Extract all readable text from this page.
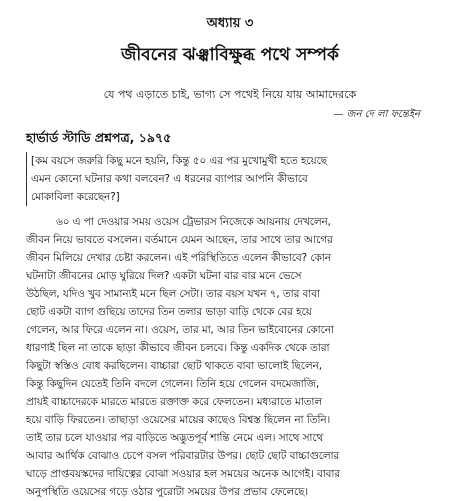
অধ্যায় ৩
জীবনের ঝঞ্ঝাবিক্ষুব্ধ পথে সম্পর্ক
যে পথ এড়াতে চাই, ভাগ্য সে পথেই নিয়ে যায় আমাদেরকে
— জন দে লা ফন্তেইন
হার্ভার্ড স্টাডি প্রশ্নপত্র, ১৯৭৫
[কম বয়সে জরুরি কিছু মনে হয়নি, কিন্তু ৫০ এর পর মুখোমুখী হতে হয়েছে
এমন কোনো ঘটনার কথা বলবেন? এ ধরনের ব্যাপার আপনি কীভাবে
মোকাবিলা করেছেন?]
৬০ এ পা দেওয়ার সময় ওয়েস ট্রেভারস নিজেকে আয়নায় দেখলেন,
জীবন নিয়ে ভাবতে বসলেন। বর্তমানে যেমন আছেন, তার সাথে তার আগের
জীবন মিলিয়ে দেখার চেষ্টা করলেন। এই পরিস্থিতিতে এলেন কীভাবে? কোন
ঘটনাটা জীবনের মোড় ঘুরিয়ে দিল? একটা ঘটনা বার বার মনে ভেসে
উঠছিল, যদিও খুব সামান্যই মনে ছিল সেটা। তার বয়স যখন ৭, তার বাবা
ছোট একটা ব্যাগ গুছিয়ে তাদের তিন তলার ভাড়া বাড়ি থেকে বের হয়ে
গেলেন, আর ফিরে এলেন না। ওয়েস, তার মা, আর তিন ভাইবোনের কোনো
ধারণাই ছিল না তাকে ছাড়া কীভাবে জীবন চলবে। কিন্তু একদিক থেকে তারা
কিছুটা স্বস্তিও বোধ করছিলেন। বাচ্চারা ছোট থাকতে বাবা ভালোই ছিলেন,
কিন্তু কিছুদিন যেতেই তিনি বদলে গেলেন। তিনি হয়ে গেলেন বদমেজাজি,
প্রায়ই বাচ্চাদেরকে মারতে মারতে রক্তাক্ত করে ফেলতেন। মধ্যরাতে মাতাল
হয়ে বাড়ি ফিরতেন। তাছাড়া ওয়েসের মায়ের কাছেও বিশ্বস্ত ছিলেন না তিনি।
তাই তার চলে যাওয়ার পর বাড়িতে অদ্ভুতপূর্ব শান্তি নেমে এল। সাথে সাথে
আবার আর্থিক বোঝাও চেপে বসল পরিবারটার উপর। ছোট ছোট বাচ্চাগুলোর
ঘাড়ে প্রাপ্তবয়স্কদের দায়িত্বের বোঝা সওয়ার হল সময়ের অনেক আগেই। বাবার
অনুপস্থিতি ওয়েসের গড়ে ওঠার পুরোটা সময়ের উপর প্রভাব ফেলেছে।
